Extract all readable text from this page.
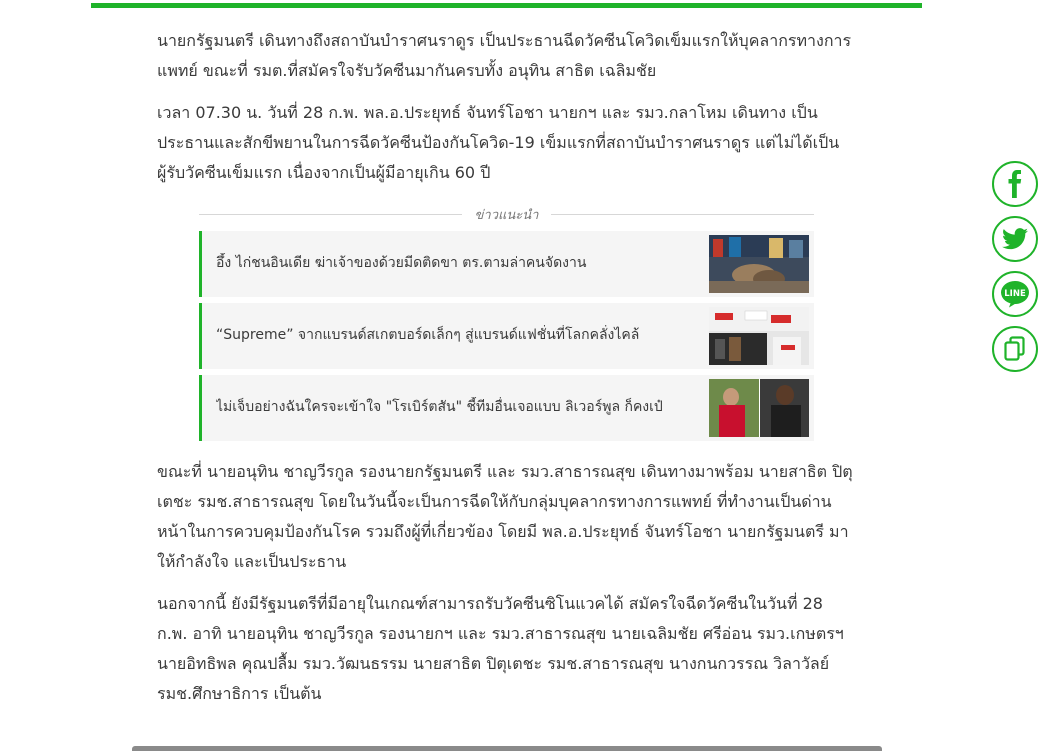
นายกรัฐมนตรี เดินทางถึงสถาบันบำราศนราดูร เป็นประธานฉีดวัคซีนโควิดเข็มแรกให้บุคลากรทางการแพทย์ ขณะที่ รมต.ที่สมัครใจรับวัคซีนมากันครบทั้ง อนุทิน สาธิต เฉลิมชัย

เวลา 07.30 น. วันที่ 28 ก.พ. พล.อ.ประยุทธ์ จันทร์โอชา นายกฯ และ รมว.กลาโหม เดินทาง เป็นประธานและสักขีพยานในการฉีดวัคซีนป้องกันโควิด-19 เข็มแรกที่สถาบันบำราศนราดูร แต่ไม่ได้เป็นผู้รับวัคซีนเข็มแรก เนื่องจากเป็นผู้มีอายุเกิน 60 ปี

ข่าวแนะนำ
อึ้ง ไก่ชนอินเดีย ฆ่าเจ้าของด้วยมีดติดขา ตร.ตามล่าคนจัดงาน
“Supreme” จากแบรนด์สเกตบอร์ดเล็กๆ สู่แบรนด์แฟชั่นที่โลกคลั่งไคล้
ไม่เจ็บอย่างฉันใครจะเข้าใจ "โรเบิร์ตสัน" ชี้ทีมอื่นเจอแบบ ลิเวอร์พูล ก็คงเป๋

ขณะที่ นายอนุทิน ชาญวีรกูล รองนายกรัฐมนตรี และ รมว.สาธารณสุข เดินทางมาพร้อม นายสาธิต ปิตุเตชะ รมช.สาธารณสุข โดยในวันนี้จะเป็นการฉีดให้กับกลุ่มบุคลากรทางการแพทย์ ที่ทำงานเป็นด่านหน้าในการควบคุมป้องกันโรค รวมถึงผู้ที่เกี่ยวข้อง โดยมี พล.อ.ประยุทธ์ จันทร์โอชา นายกรัฐมนตรี มาให้กำลังใจ และเป็นประธาน

นอกจากนี้ ยังมีรัฐมนตรีที่มีอายุในเกณฑ์สามารถรับวัคซีนซิโนแวคได้ สมัครใจฉีดวัคซีนในวันที่ 28 ก.พ. อาทิ นายอนุทิน ชาญวีรกูล รองนายกฯ และ รมว.สาธารณสุข นายเฉลิมชัย ศรีอ่อน รมว.เกษตรฯ นายอิทธิพล คุณปลื้ม รมว.วัฒนธรรม นายสาธิต ปิตุเตชะ รมช.สาธารณสุข นางกนกวรรณ วิลาวัลย์ รมช.ศึกษาธิการ เป็นต้น

LINE
